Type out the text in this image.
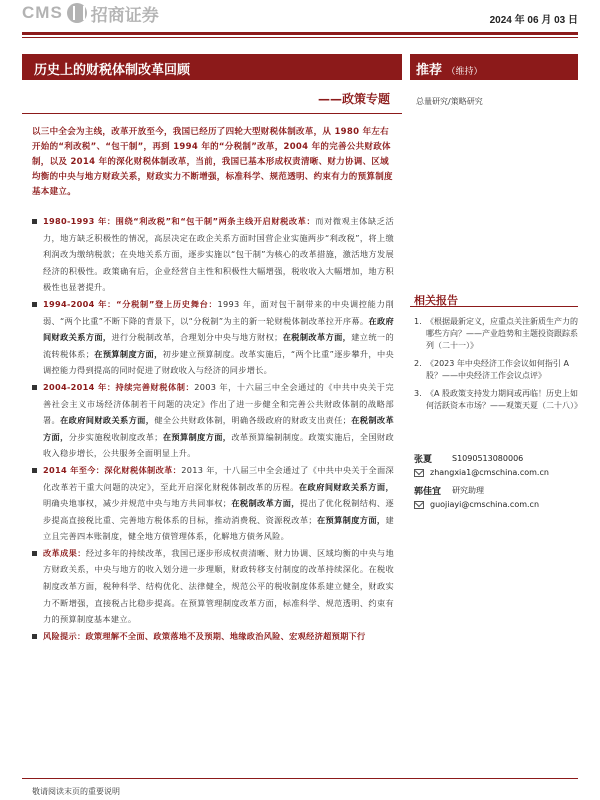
CMS 招商证券	2024 年 06 月 03 日
历史上的财税体制改革回顾
——政策专题
以三中全会为主线，改革开放至今，我国已经历了四轮大型财税体制改革，从 1980 年左右开始的“利改税”、“包干制”，再到 1994 年的“分税制”改革，2004 年的完善公共财政体制，以及 2014 年的深化财税体制改革，当前，我国已基本形成权责清晰、财力协调、区域均衡的中央与地方财政关系，财政实力不断增强，标准科学、规范透明、约束有力的预算制度基本建立。
1980-1993 年：围绕“利改税”和“包干制”两条主线开启财税改革：而对微观主体缺乏活力，地方缺乏积极性的情况，高层决定在政企关系方面时国营企业实施两步“利改税”，将上缴利润改为缴纳税款；在央地关系方面，逐步实施以“包干制”为核心的改革措施，激活地方发展经济的积极性。政策确有后，企业经营自主性和积极性大幅增强，税收收入大幅增加，地方积极性也显著提升。
1994-2004 年：“分税制”登上历史舞台：1993 年，面对包干制带来的中央调控能力削弱、“两个比重”不断下降的背景下，以“分税制”为主的新一轮财税体制改革拉开序幕。在政府间财政关系方面，进行分税制改革，合理划分中央与地方财权；在税制改革方面，建立统一的流转税体系；在预算制度方面，初步建立预算制度。改革实施后，“两个比重”逐步攀升，中央调控能力得到提高的同时促进了财政收入与经济的同步增长。
2004-2014 年：持续完善财税体制：2003 年，十六届三中全会通过的《中共中央关于完善社会主义市场经济体制若干问题的决定》作出了进一步健全和完善公共财政体制的战略部署。在政府间财政关系方面，健全公共财政体制，明确各级政府的财政支出责任；在税制改革方面，分步实施税收制度改革；在预算制度方面，改革预算编制制度。政策实施后，全国财政收入稳步增长，公共服务全面明显上升。
2014 年至今：深化财税体制改革：2013 年，十八届三中全会通过了《中共中央关于全面深化改革若干重大问题的决定》，至此开启深化财税体制改革的历程。在政府间财政关系方面，明确央地事权，减少并规范中央与地方共同事权；在税制改革方面，提出了优化税制结构、逐步提高直接税比重、完善地方税体系的目标，推动消费税、资源税改革；在预算制度方面，建立且完善四本账制度，健全地方债管理体系，化解地方债务风险。
改革成果：经过多年的持续改革，我国已逐步形成权责清晰、财力协调、区域均衡的中央与地方财政关系，中央与地方的收入划分进一步理顺，财政转移支付制度的改革持续深化。在税收制度改革方面，税种科学、结构优化、法律健全，规范公平的税收制度体系建立健全，财政实力不断增强，直接税占比稳步提高。在预算管理制度改革方面，标准科学、规范透明、约束有力的预算制度基本建立。
风险提示：政策理解不全面、政策落地不及预期、地缘政治风险、宏观经济超预期下行
推荐 （维持）
总量研究/策略研究
相关报告
1. 《根据最新定义，应重点关注新质生产力的哪些方向？——产业趋势和主题投资跟踪系列（二十一）》
2. 《2023 年中央经济工作会议如何指引 A 股？——中央经济工作会议点评》
3. 《A 股政策支持发力期间或再临！历史上如何活跃资本市场？——观策天夏（二十八）》
张夏	S1090513080006
zhangxia1@cmschina.com.cn
郭佳宜	研究助理
guojiayi@cmschina.com.cn
敬请阅读末页的重要说明
